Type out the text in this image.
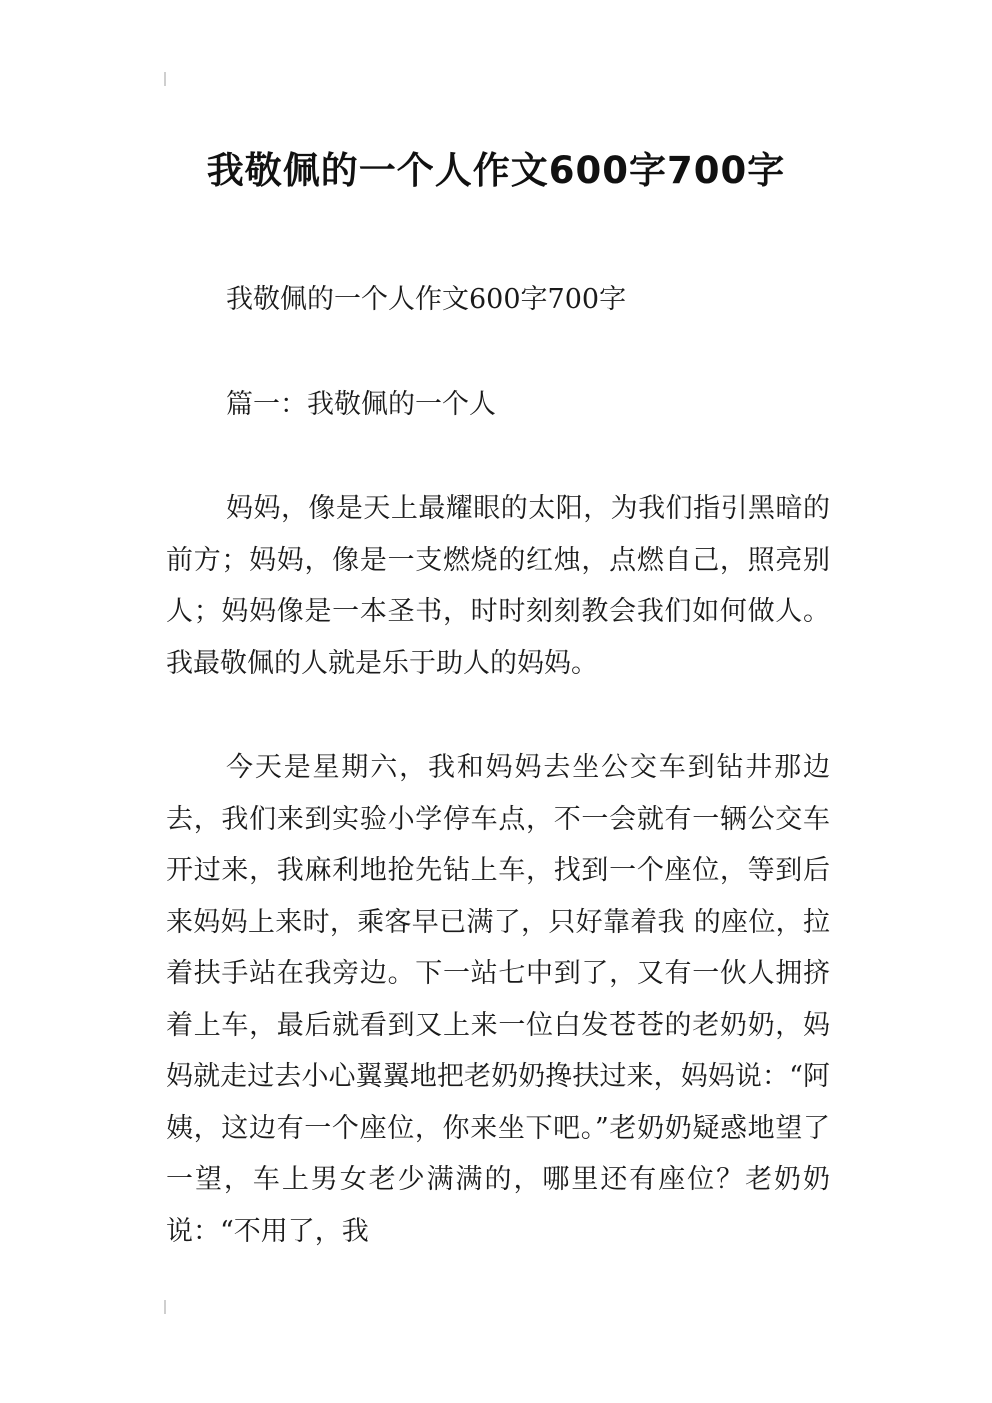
我敬佩的一个人作文600字700字

我敬佩的一个人作文600字700字

篇一：我敬佩的一个人

妈妈，像是天上最耀眼的太阳，为我们指引黑暗的前方；妈妈，像是一支燃烧的红烛，点燃自己，照亮别人；妈妈像是一本圣书，时时刻刻教会我们如何做人。我最敬佩的人就是乐于助人的妈妈。

今天是星期六，我和妈妈去坐公交车到钻井那边去，我们来到实验小学停车点，不一会就有一辆公交车开过来，我麻利地抢先钻上车，找到一个座位，等到后来妈妈上来时，乘客早已满了，只好靠着我 的座位，拉着扶手站在我旁边。下一站七中到了，又有一伙人拥挤着上车，最后就看到又上来一位白发苍苍的老奶奶，妈妈就走过去小心翼翼地把老奶奶搀扶过来，妈妈说：“阿姨，这边有一个座位，你来坐下吧。”老奶奶疑惑地望了一望，车上男女老少满满的，哪里还有座位？老奶奶说：“不用了，我
